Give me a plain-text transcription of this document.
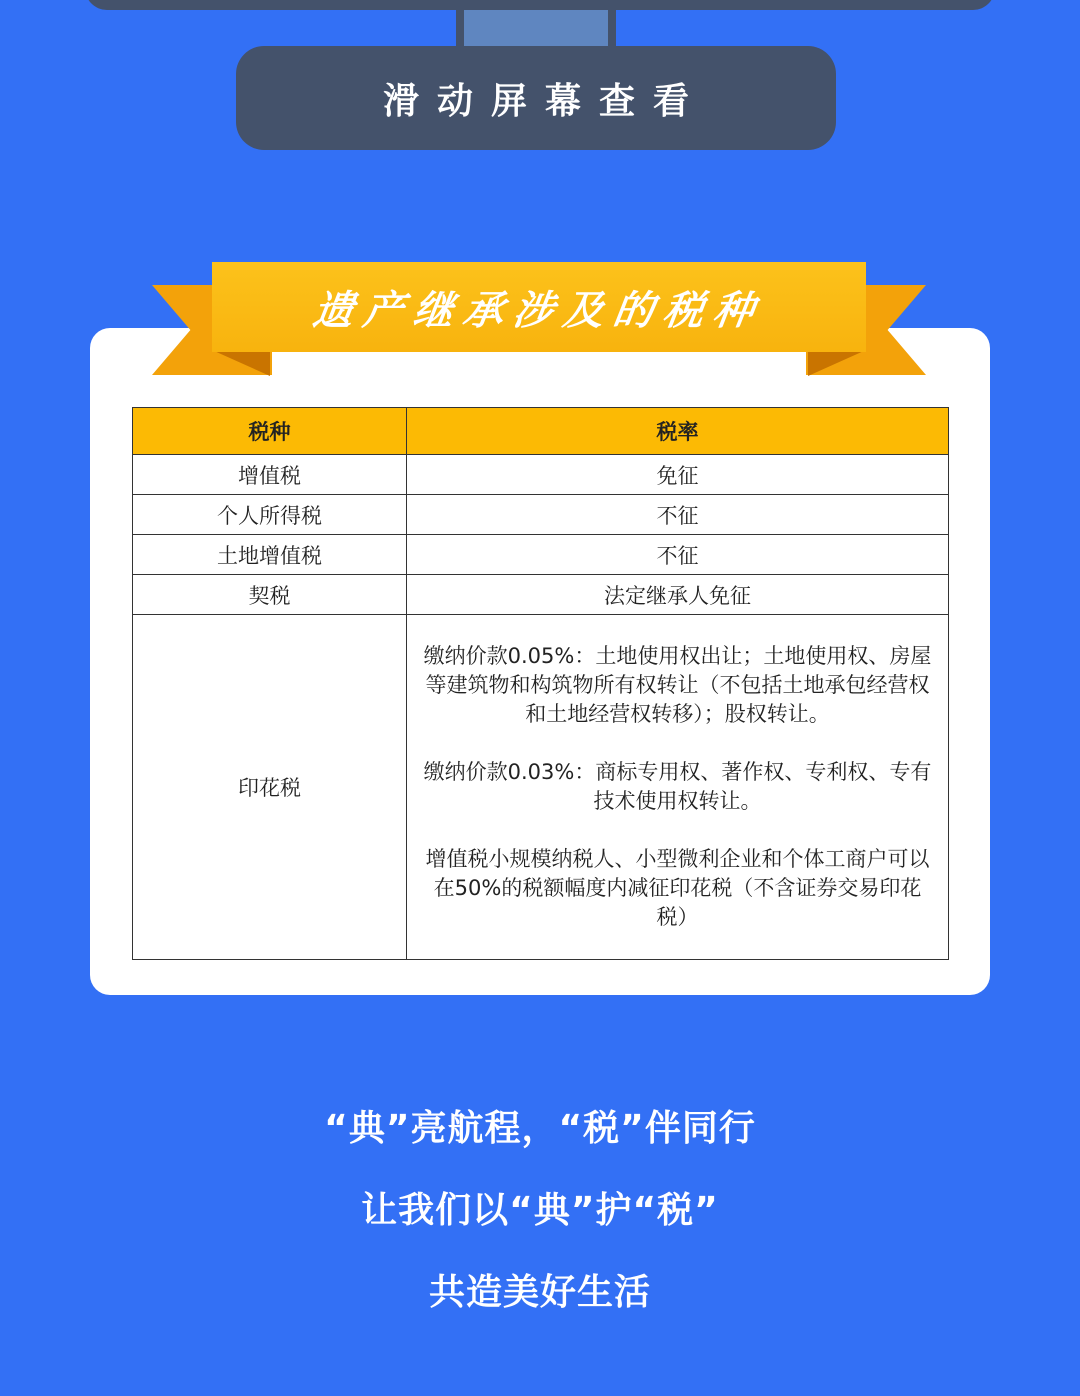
滑动屏幕查看
遗产继承涉及的税种
税种	税率
增值税	免征
个人所得税	不征
土地增值税	不征
契税	法定继承人免征
印花税	缴纳价款0.05%：土地使用权出让；土地使用权、房屋等建筑物和构筑物所有权转让（不包括土地承包经营权和土地经营权转移）；股权转让。

缴纳价款0.03%：商标专用权、著作权、专利权、专有技术使用权转让。

增值税小规模纳税人、小型微利企业和个体工商户可以在50%的税额幅度内减征印花税（不含证券交易印花税）

“典”亮航程，“税”伴同行
让我们以“典”护“税”
共造美好生活
